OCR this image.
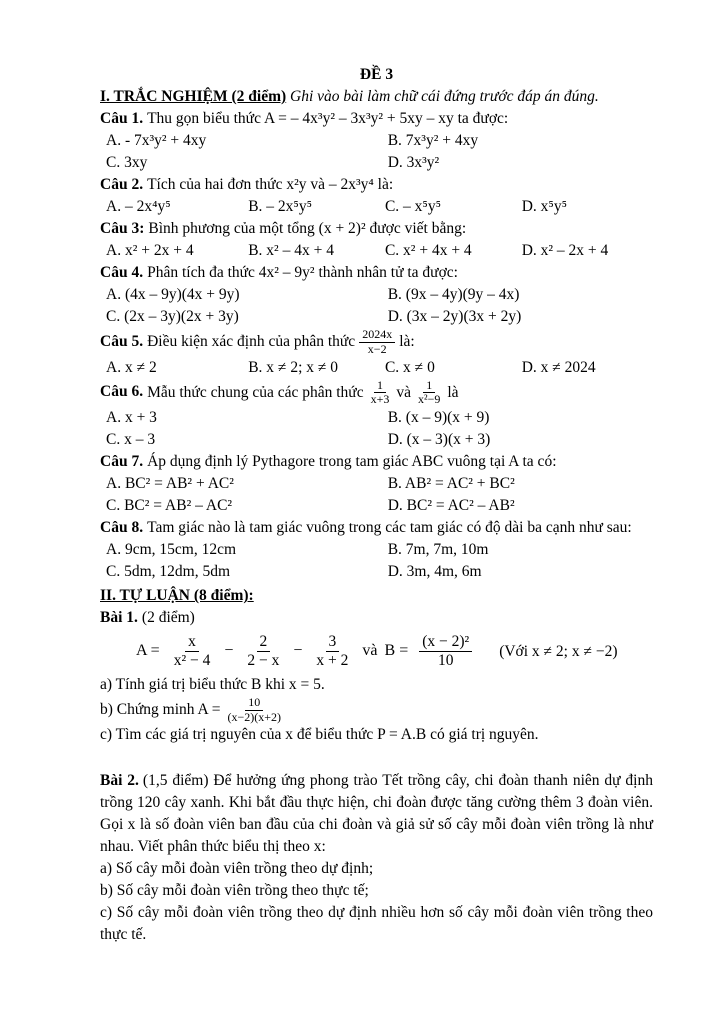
ĐỀ 3
I. TRẮC NGHIỆM (2 điểm) Ghi vào bài làm chữ cái đứng trước đáp án đúng.
Câu 1. Thu gọn biểu thức A = – 4x³y² – 3x³y² + 5xy – xy ta được:
A. - 7x³y² + 4xy	B. 7x³y² + 4xy
C. 3xy	D. 3x³y²
Câu 2. Tích của hai đơn thức x²y và – 2x³y⁴ là:
A. – 2x⁴y⁵	B. – 2x⁵y⁵	C. – x⁵y⁵	D. x⁵y⁵
Câu 3: Bình phương của một tổng (x + 2)² được viết bằng:
A. x² + 2x + 4	B. x² – 4x + 4	C. x² + 4x + 4	D. x² – 2x + 4
Câu 4. Phân tích đa thức 4x² – 9y² thành nhân tử ta được:
A. (4x – 9y)(4x + 9y)	B. (9x – 4y)(9y – 4x)
C. (2x – 3y)(2x + 3y)	D. (3x – 2y)(3x + 2y)
Câu 5. Điều kiện xác định của phân thức $\frac{2024x}{x-2}$ là:
A. x ≠ 2	B. x ≠ 2; x ≠ 0	C. x ≠ 0	D. x ≠ 2024
Câu 6. Mẫu thức chung của các phân thức $\frac{1}{x+3}$ và $\frac{1}{\text{x²−9}}$ là
A. x + 3	B. (x – 9)(x + 9)
C. x – 3	D. (x – 3)(x + 3)
Câu 7. Áp dụng định lý Pythagore trong tam giác ABC vuông tại A ta có:
A. BC² = AB² + AC²	B. AB² = AC² + BC²
C. BC² = AB² – AC²	D. BC² = AC² – AB²
Câu 8. Tam giác nào là tam giác vuông trong các tam giác có độ dài ba cạnh như sau:
A. 9cm, 15cm, 12cm	B. 7m, 7m, 10m
C. 5dm, 12dm, 5dm	D. 3m, 4m, 6m
II. TỰ LUẬN (8 điểm):
Bài 1. (2 điểm)
$A = \frac{x}{\text{x² − 4}} - \frac{2}{2 - x} - \frac{3}{x + 2}$ và $B = \frac{\text{(x − 2)²}}{10}$ (Với x ≠ 2; x ≠ −2)
a) Tính giá trị biểu thức B khi x = 5.
b) Chứng minh $A = \frac{10}{(x-2)(x+2)}$
c) Tìm các giá trị nguyên của x để biểu thức P = A.B có giá trị nguyên.
Bài 2. (1,5 điểm) Để hưởng ứng phong trào Tết trồng cây, chi đoàn thanh niên dự định trồng 120 cây xanh. Khi bắt đầu thực hiện, chi đoàn được tăng cường thêm 3 đoàn viên. Gọi x là số đoàn viên ban đầu của chi đoàn và giả sử số cây mỗi đoàn viên trồng là như nhau. Viết phân thức biểu thị theo x:
a) Số cây mỗi đoàn viên trồng theo dự định;
b) Số cây mỗi đoàn viên trồng theo thực tế;
c) Số cây mỗi đoàn viên trồng theo dự định nhiều hơn số cây mỗi đoàn viên trồng theo thực tế.
